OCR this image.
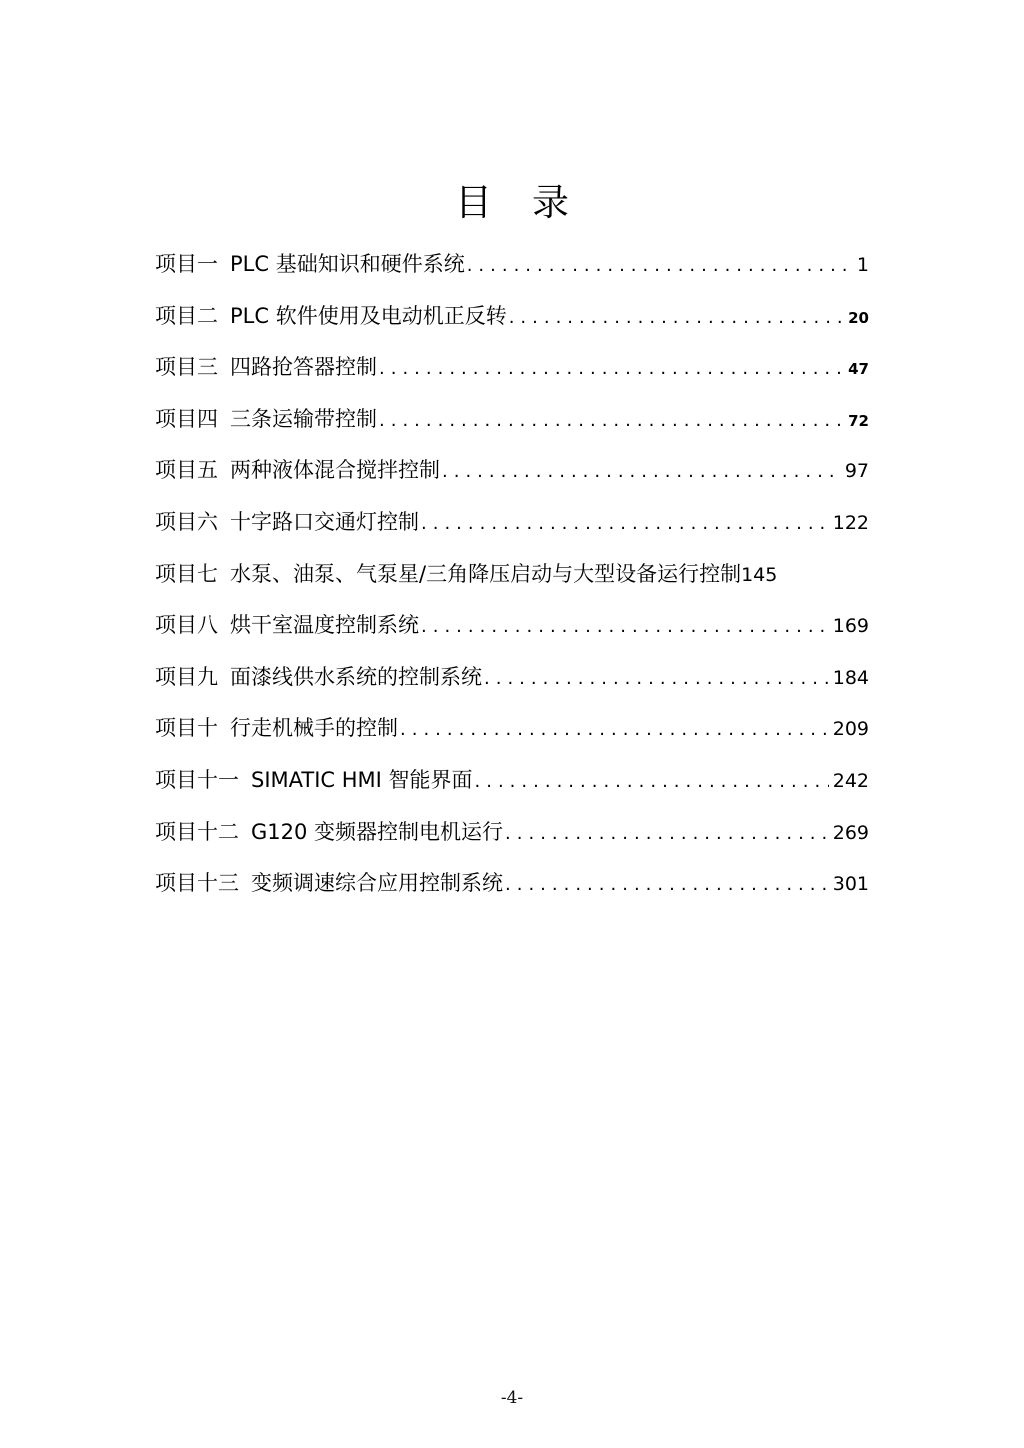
目录
项目一 PLC 基础知识和硬件系统 .....	1
项目二 PLC 软件使用及电动机正反转 .....	20
项目三 四路抢答器控制 .....	47
项目四 三条运输带控制 .....	72
项目五 两种液体混合搅拌控制 .....	97
项目六 十字路口交通灯控制 .....	122
项目七 水泵、油泵、气泵星/三角降压启动与大型设备运行控制 145
项目八 烘干室温度控制系统 .....	169
项目九 面漆线供水系统的控制系统 .....	184
项目十 行走机械手的控制 .....	209
项目十一 SIMATIC HMI 智能界面 .....	242
项目十二 G120 变频器控制电机运行 .....	269
项目十三 变频调速综合应用控制系统 .....	301
-4-
